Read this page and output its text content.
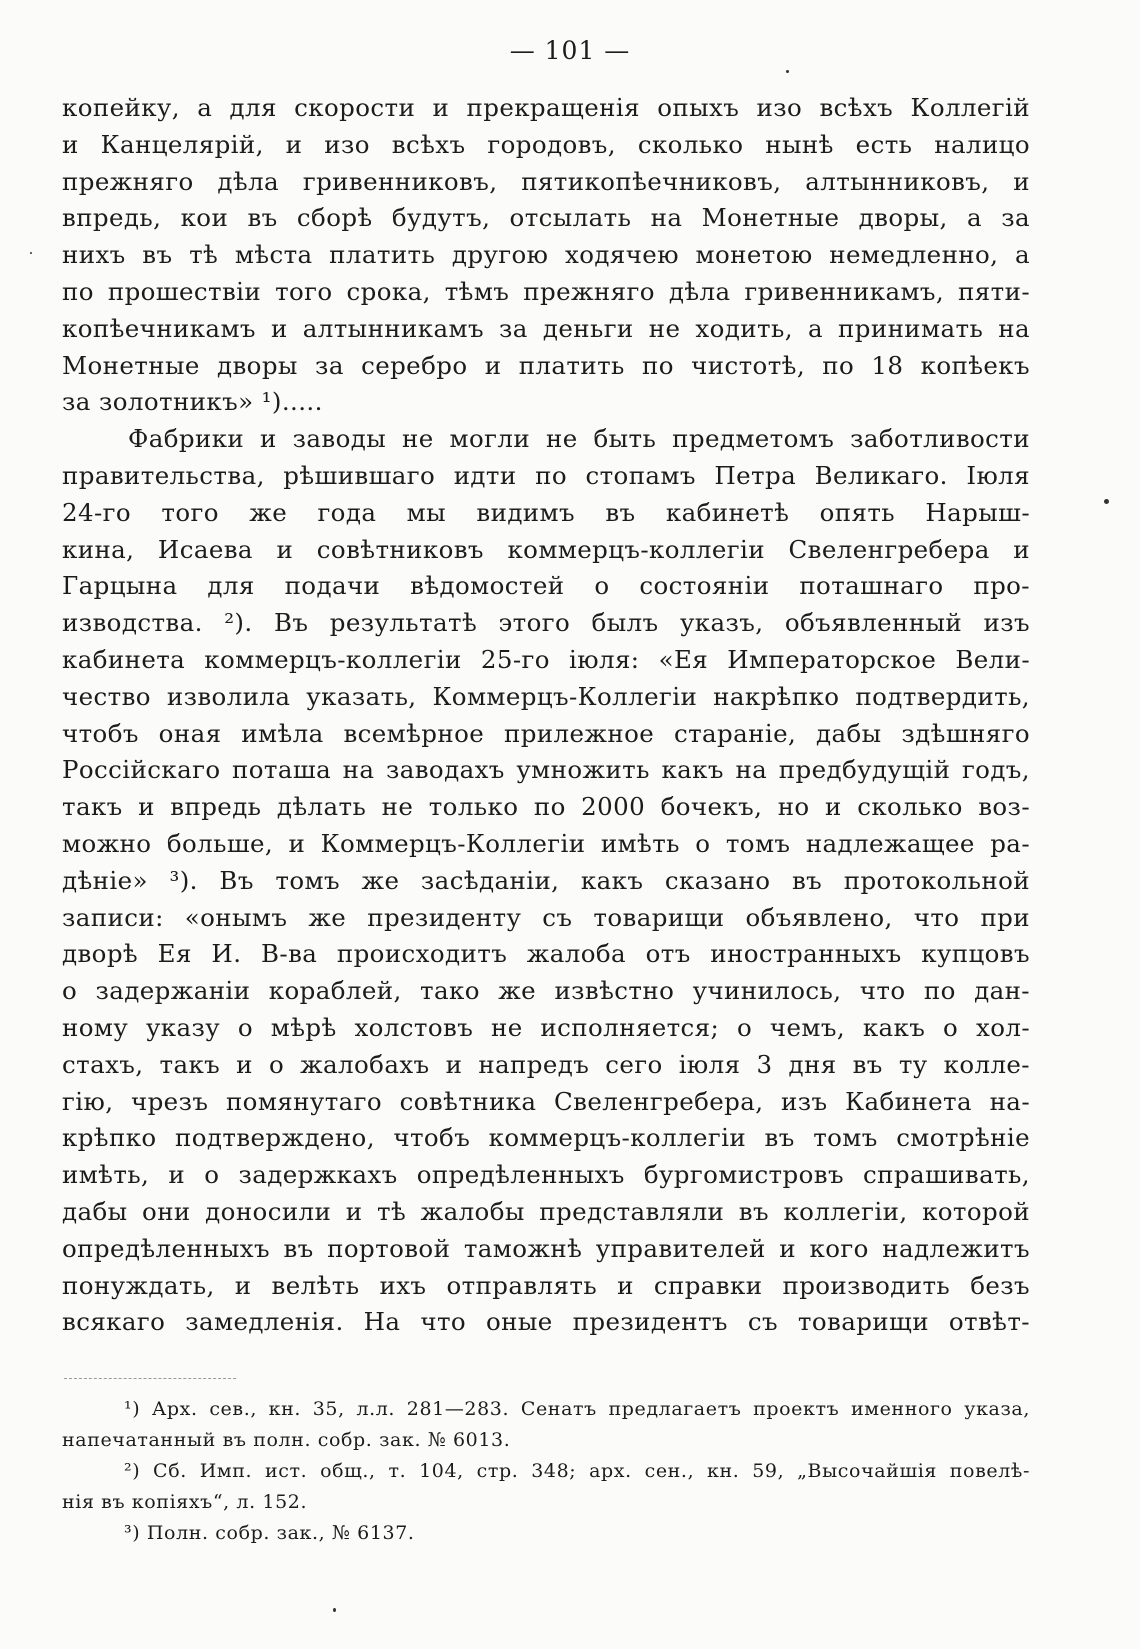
— 101 —
копейку, а для скорости и прекращенія опыхъ изо всѣхъ Коллегій
и Канцелярій, и изо всѣхъ городовъ, сколько нынѣ есть налицо
прежняго дѣла гривенниковъ, пятикопѣечниковъ, алтынниковъ, и
впредь, кои въ сборѣ будутъ, отсылать на Монетные дворы, а за
нихъ въ тѣ мѣста платить другою ходячею монетою немедленно, а
по прошествіи того срока, тѣмъ прежняго дѣла гривенникамъ, пяти-
копѣечникамъ и алтынникамъ за деньги не ходить, а принимать на
Монетные дворы за серебро и платить по чистотѣ, по 18 копѣекъ
за золотникъ» ¹).....
Фабрики и заводы не могли не быть предметомъ заботливости
правительства, рѣшившаго идти по стопамъ Петра Великаго. Іюля
24-го того же года мы видимъ въ кабинетѣ опять Нарыш-
кина, Исаева и совѣтниковъ коммерцъ-коллегіи Свеленгребера и
Гарцына для подачи вѣдомостей о состояніи поташнаго про-
изводства. ²). Въ результатѣ этого былъ указъ, объявленный изъ
кабинета коммерцъ-коллегіи 25-го іюля: «Ея Императорское Вели-
чество изволила указать, Коммерцъ-Коллегіи накрѣпко подтвердить,
чтобъ оная имѣла всемѣрное прилежное стараніе, дабы здѣшняго
Россійскаго поташа на заводахъ умножить какъ на предбудущій годъ,
такъ и впредь дѣлать не только по 2000 бочекъ, но и сколько воз-
можно больше, и Коммерцъ-Коллегіи имѣть о томъ надлежащее ра-
дѣніе» ³). Въ томъ же засѣданіи, какъ сказано въ протокольной
записи: «онымъ же президенту съ товарищи объявлено, что при
дворѣ Ея И. В-ва происходитъ жалоба отъ иностранныхъ купцовъ
о задержаніи кораблей, тако же извѣстно учинилось, что по дан-
ному указу о мѣрѣ холстовъ не исполняется; о чемъ, какъ о хол-
стахъ, такъ и о жалобахъ и напредъ сего іюля 3 дня въ ту колле-
гію, чрезъ помянутаго совѣтника Свеленгребера, изъ Кабинета на-
крѣпко подтверждено, чтобъ коммерцъ-коллегіи въ томъ смотрѣніе
имѣть, и о задержкахъ опредѣленныхъ бургомистровъ спрашивать,
дабы они доносили и тѣ жалобы представляли въ коллегіи, которой
опредѣленныхъ въ портовой таможнѣ управителей и кого надлежитъ
понуждать, и велѣть ихъ отправлять и справки производить безъ
всякаго замедленія. На что оные президентъ съ товарищи отвѣт-
¹) Арх. сев., кн. 35, л.л. 281—283. Сенатъ предлагаетъ проектъ именного указа,
напечатанный въ полн. собр. зак. № 6013.
²) Сб. Имп. ист. общ., т. 104, стр. 348; арх. сен., кн. 59, „Высочайшія повелѣ-
нія въ копіяхъ“, л. 152.
³) Полн. собр. зак., № 6137.
